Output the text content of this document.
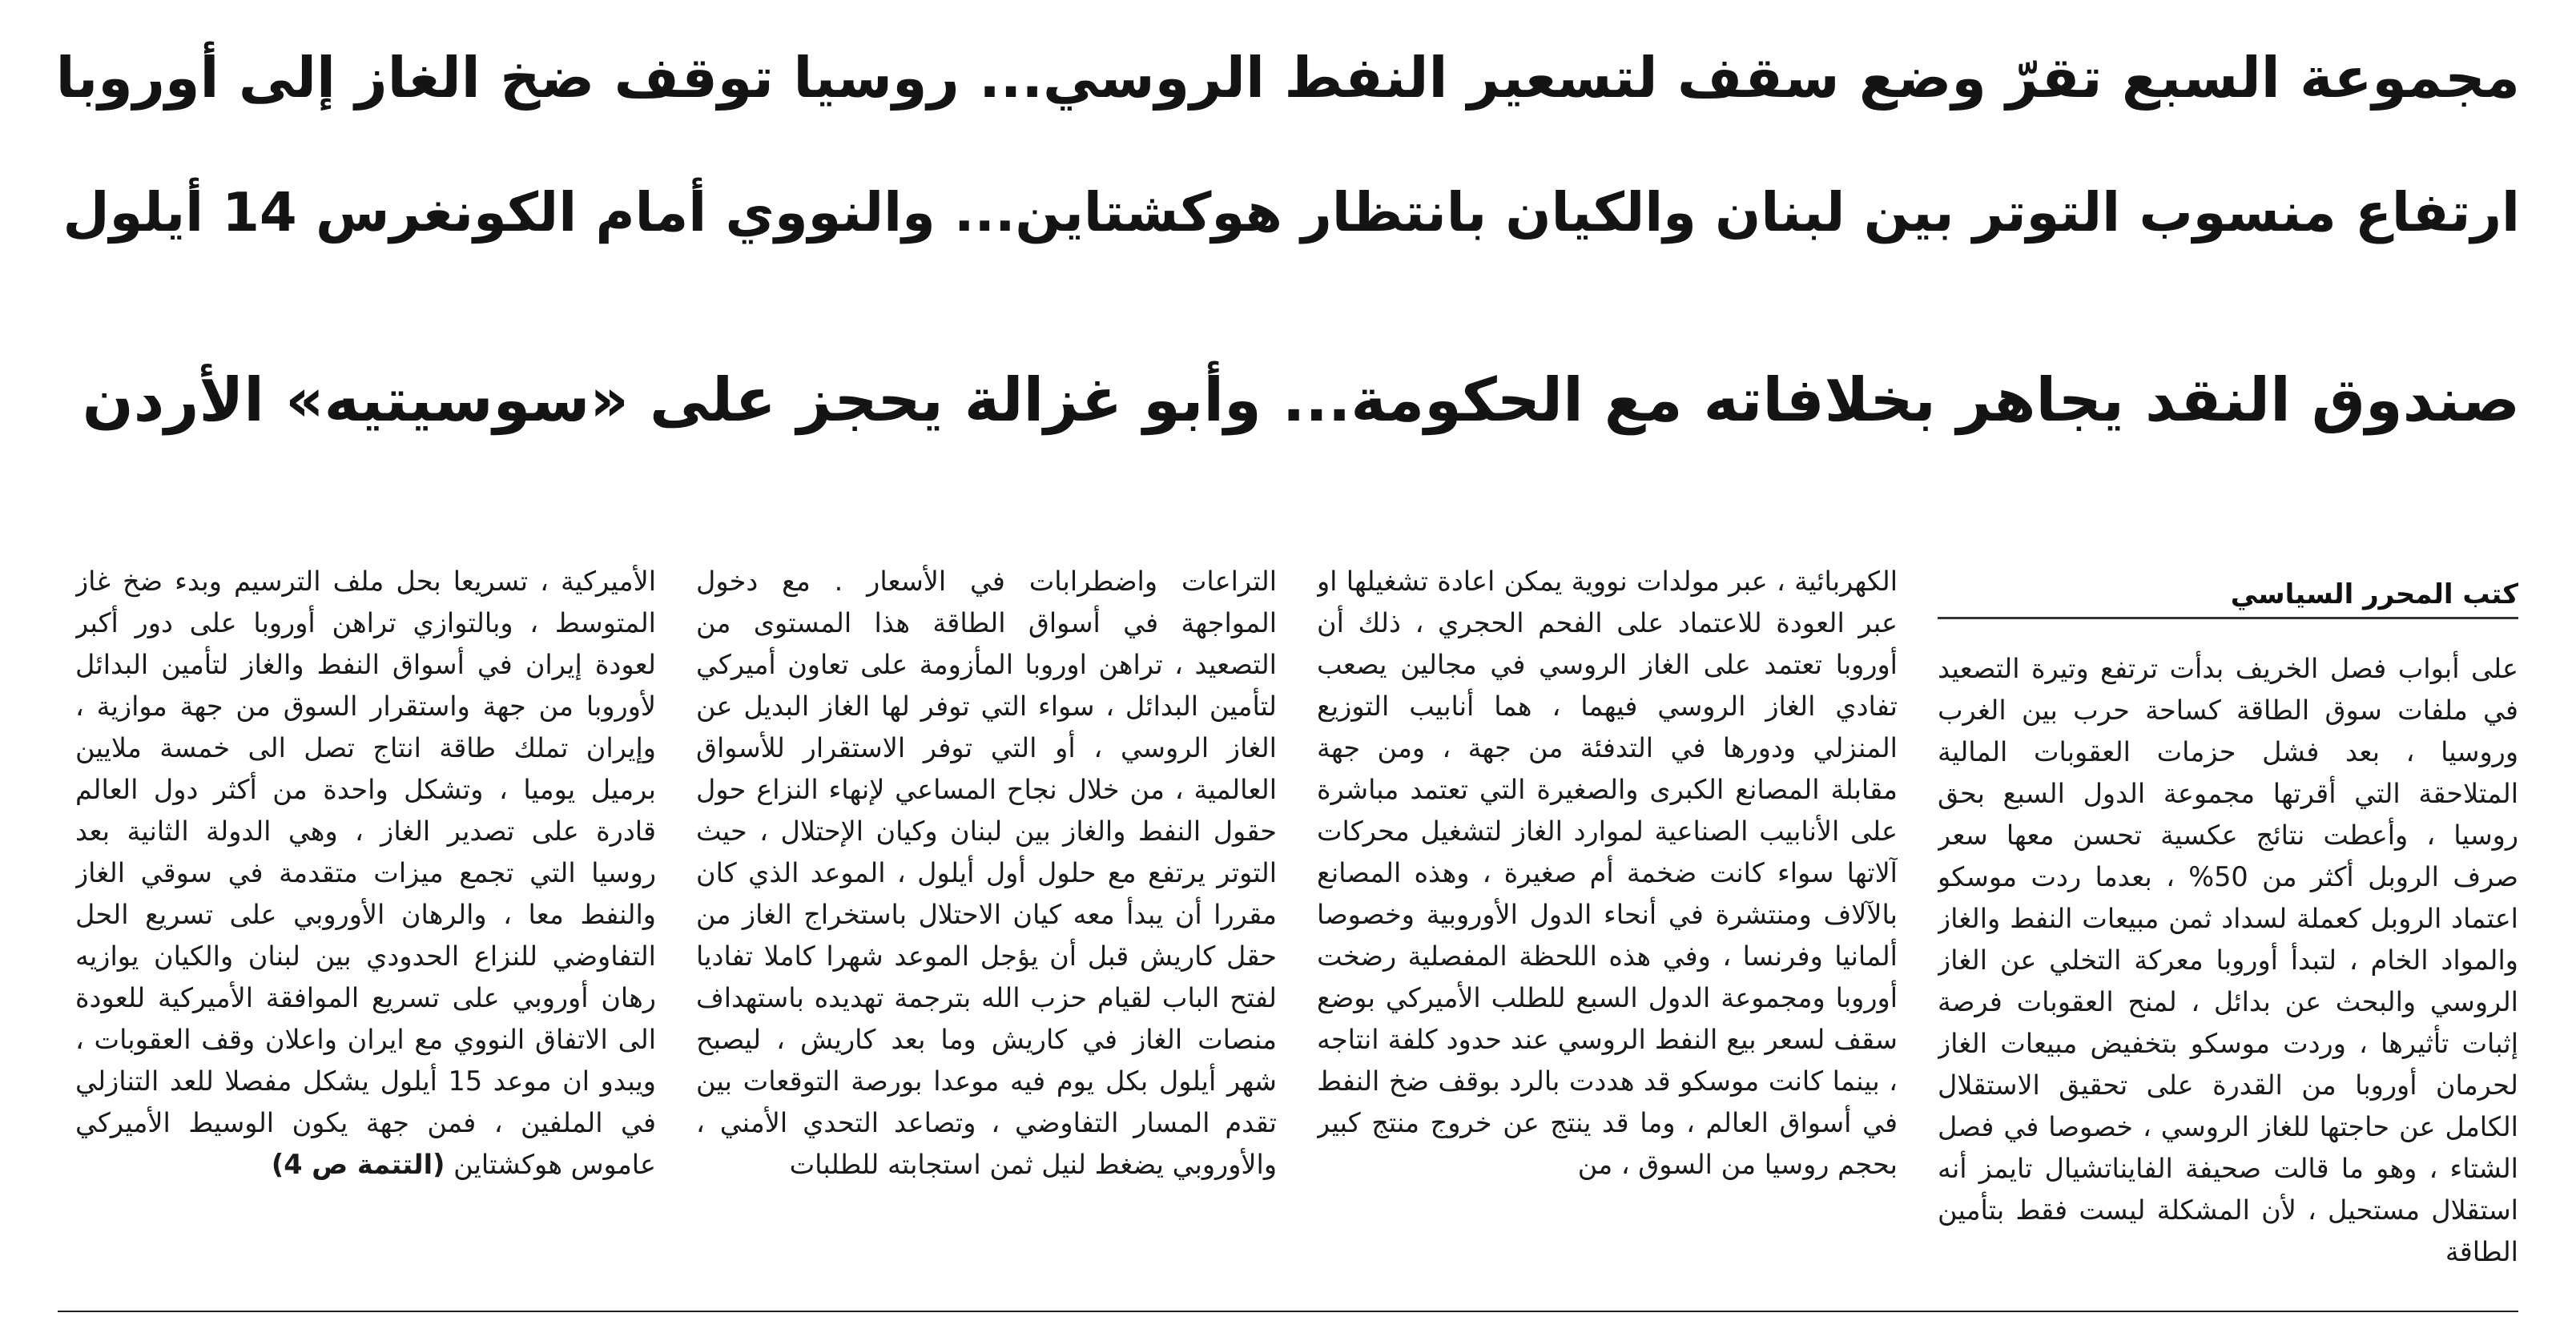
مجموعة السبع تقرّ وضع سقف لتسعير النفط الروسي... روسيا توقف ضخ الغاز إلى أوروبا
ارتفاع منسوب التوتر بين لبنان والكيان بانتظار هوكشتاين... والنووي أمام الكونغرس 14 أيلول
صندوق النقد يجاهر بخلافاته مع الحكومة... وأبو غزالة يحجز على «سوسيتيه» الأردن
كتب المحرر السياسي

على أبواب فصل الخريف بدأت ترتفع وتيرة التصعيد في ملفات سوق الطاقة كساحة حرب بين الغرب وروسيا ، بعد فشل حزمات العقوبات المالية المتلاحقة التي أقرتها مجموعة الدول السبع بحق روسيا ، وأعطت نتائج عكسية تحسن معها سعر صرف الروبل أكثر من 50% ، بعدما ردت موسكو اعتماد الروبل كعملة لسداد ثمن مبيعات النفط والغاز والمواد الخام ، لتبدأ أوروبا معركة التخلي عن الغاز الروسي والبحث عن بدائل ، لمنح العقوبات فرصة إثبات تأثيرها ، وردت موسكو بتخفيض مبيعات الغاز لحرمان أوروبا من القدرة على تحقيق الاستقلال الكامل عن حاجتها للغاز الروسي ، خصوصا في فصل الشتاء ، وهو ما قالت صحيفة الفايناتشيال تايمز أنه استقلال مستحيل ، لأن المشكلة ليست فقط بتأمين الطاقة

الكهربائية ، عبر مولدات نووية يمكن اعادة تشغيلها او عبر العودة للاعتماد على الفحم الحجري ، ذلك أن أوروبا تعتمد على الغاز الروسي في مجالين يصعب تفادي الغاز الروسي فيهما ، هما أنابيب التوزيع المنزلي ودورها في التدفئة من جهة ، ومن جهة مقابلة المصانع الكبرى والصغيرة التي تعتمد مباشرة على الأنابيب الصناعية لموارد الغاز لتشغيل محركات آلاتها سواء كانت ضخمة أم صغيرة ، وهذه المصانع بالآلاف ومنتشرة في أنحاء الدول الأوروبية وخصوصا ألمانيا وفرنسا ، وفي هذه اللحظة المفصلية رضخت أوروبا ومجموعة الدول السبع للطلب الأميركي بوضع سقف لسعر بيع النفط الروسي عند حدود كلفة انتاجه ، بينما كانت موسكو قد هددت بالرد بوقف ضخ النفط في أسواق العالم ، وما قد ينتج عن خروج منتج كبير بحجم روسيا من السوق ، من

التراعات واضطرابات في الأسعار . مع دخول المواجهة في أسواق الطاقة هذا المستوى من التصعيد ، تراهن اوروبا المأزومة على تعاون أميركي لتأمين البدائل ، سواء التي توفر لها الغاز البديل عن الغاز الروسي ، أو التي توفر الاستقرار للأسواق العالمية ، من خلال نجاح المساعي لإنهاء النزاع حول حقول النفط والغاز بين لبنان وكيان الإحتلال ، حيث التوتر يرتفع مع حلول أول أيلول ، الموعد الذي كان مقررا أن يبدأ معه كيان الاحتلال باستخراج الغاز من حقل كاريش قبل أن يؤجل الموعد شهرا كاملا تفاديا لفتح الباب لقيام حزب الله بترجمة تهديده باستهداف منصات الغاز في كاريش وما بعد كاريش ، ليصبح شهر أيلول بكل يوم فيه موعدا بورصة التوقعات بين تقدم المسار التفاوضي ، وتصاعد التحدي الأمني ، والأوروبي يضغط لنيل ثمن استجابته للطلبات

الأميركية ، تسريعا بحل ملف الترسيم وبدء ضخ غاز المتوسط ، وبالتوازي تراهن أوروبا على دور أكبر لعودة إيران في أسواق النفط والغاز لتأمين البدائل لأوروبا من جهة واستقرار السوق من جهة موازية ، وإيران تملك طاقة انتاج تصل الى خمسة ملايين برميل يوميا ، وتشكل واحدة من أكثر دول العالم قادرة على تصدير الغاز ، وهي الدولة الثانية بعد روسيا التي تجمع ميزات متقدمة في سوقي الغاز والنفط معا ، والرهان الأوروبي على تسريع الحل التفاوضي للنزاع الحدودي بين لبنان والكيان يوازيه رهان أوروبي على تسريع الموافقة الأميركية للعودة الى الاتفاق النووي مع ايران واعلان وقف العقوبات ، ويبدو ان موعد 15 أيلول يشكل مفصلا للعد التنازلي في الملفين ، فمن جهة يكون الوسيط الأميركي عاموس هوكشتاين (التتمة ص 4)
